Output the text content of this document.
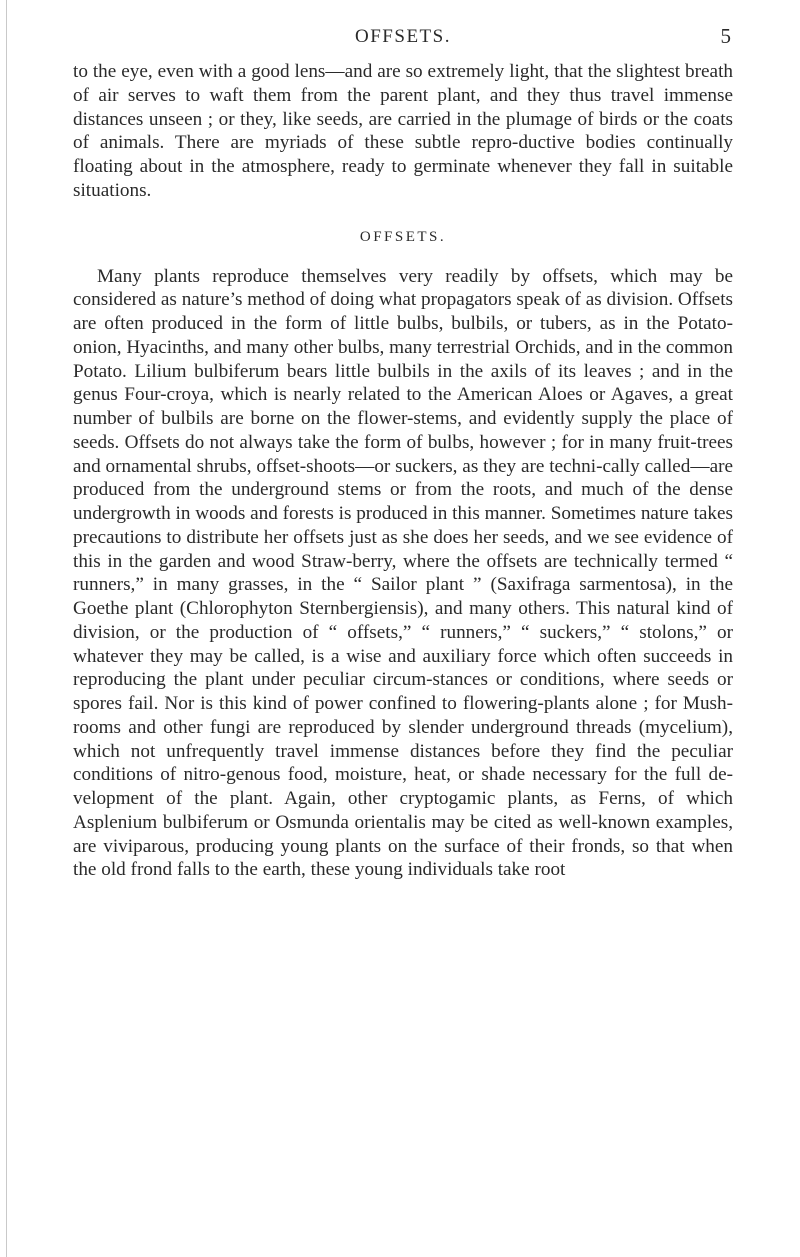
OFFSETS.	5

to the eye, even with a good lens—and are so extremely light, that the slightest breath of air serves to waft them from the parent plant, and they thus travel immense distances unseen ; or they, like seeds, are carried in the plumage of birds or the coats of animals. There are myriads of these subtle repro-ductive bodies continually floating about in the atmosphere, ready to germinate whenever they fall in suitable situations.

OFFSETS.

Many plants reproduce themselves very readily by offsets, which may be considered as nature’s method of doing what propagators speak of as division. Offsets are often produced in the form of little bulbs, bulbils, or tubers, as in the Potato-onion, Hyacinths, and many other bulbs, many terrestrial Orchids, and in the common Potato. Lilium bulbiferum bears little bulbils in the axils of its leaves ; and in the genus Four-croya, which is nearly related to the American Aloes or Agaves, a great number of bulbils are borne on the flower-stems, and evidently supply the place of seeds. Offsets do not always take the form of bulbs, however ; for in many fruit-trees and ornamental shrubs, offset-shoots—or suckers, as they are techni-cally called—are produced from the underground stems or from the roots, and much of the dense undergrowth in woods and forests is produced in this manner. Sometimes nature takes precautions to distribute her offsets just as she does her seeds, and we see evidence of this in the garden and wood Straw-berry, where the offsets are technically termed “ runners,” in many grasses, in the “ Sailor plant ” (Saxifraga sarmentosa), in the Goethe plant (Chlorophyton Sternbergiensis), and many others. This natural kind of division, or the production of “ offsets,” “ runners,” “ suckers,” “ stolons,” or whatever they may be called, is a wise and auxiliary force which often succeeds in reproducing the plant under peculiar circum-stances or conditions, where seeds or spores fail. Nor is this kind of power confined to flowering-plants alone ; for Mush-rooms and other fungi are reproduced by slender underground threads (mycelium), which not unfrequently travel immense distances before they find the peculiar conditions of nitro-genous food, moisture, heat, or shade necessary for the full de-velopment of the plant. Again, other cryptogamic plants, as Ferns, of which Asplenium bulbiferum or Osmunda orientalis may be cited as well-known examples, are viviparous, producing young plants on the surface of their fronds, so that when the old frond falls to the earth, these young individuals take root
